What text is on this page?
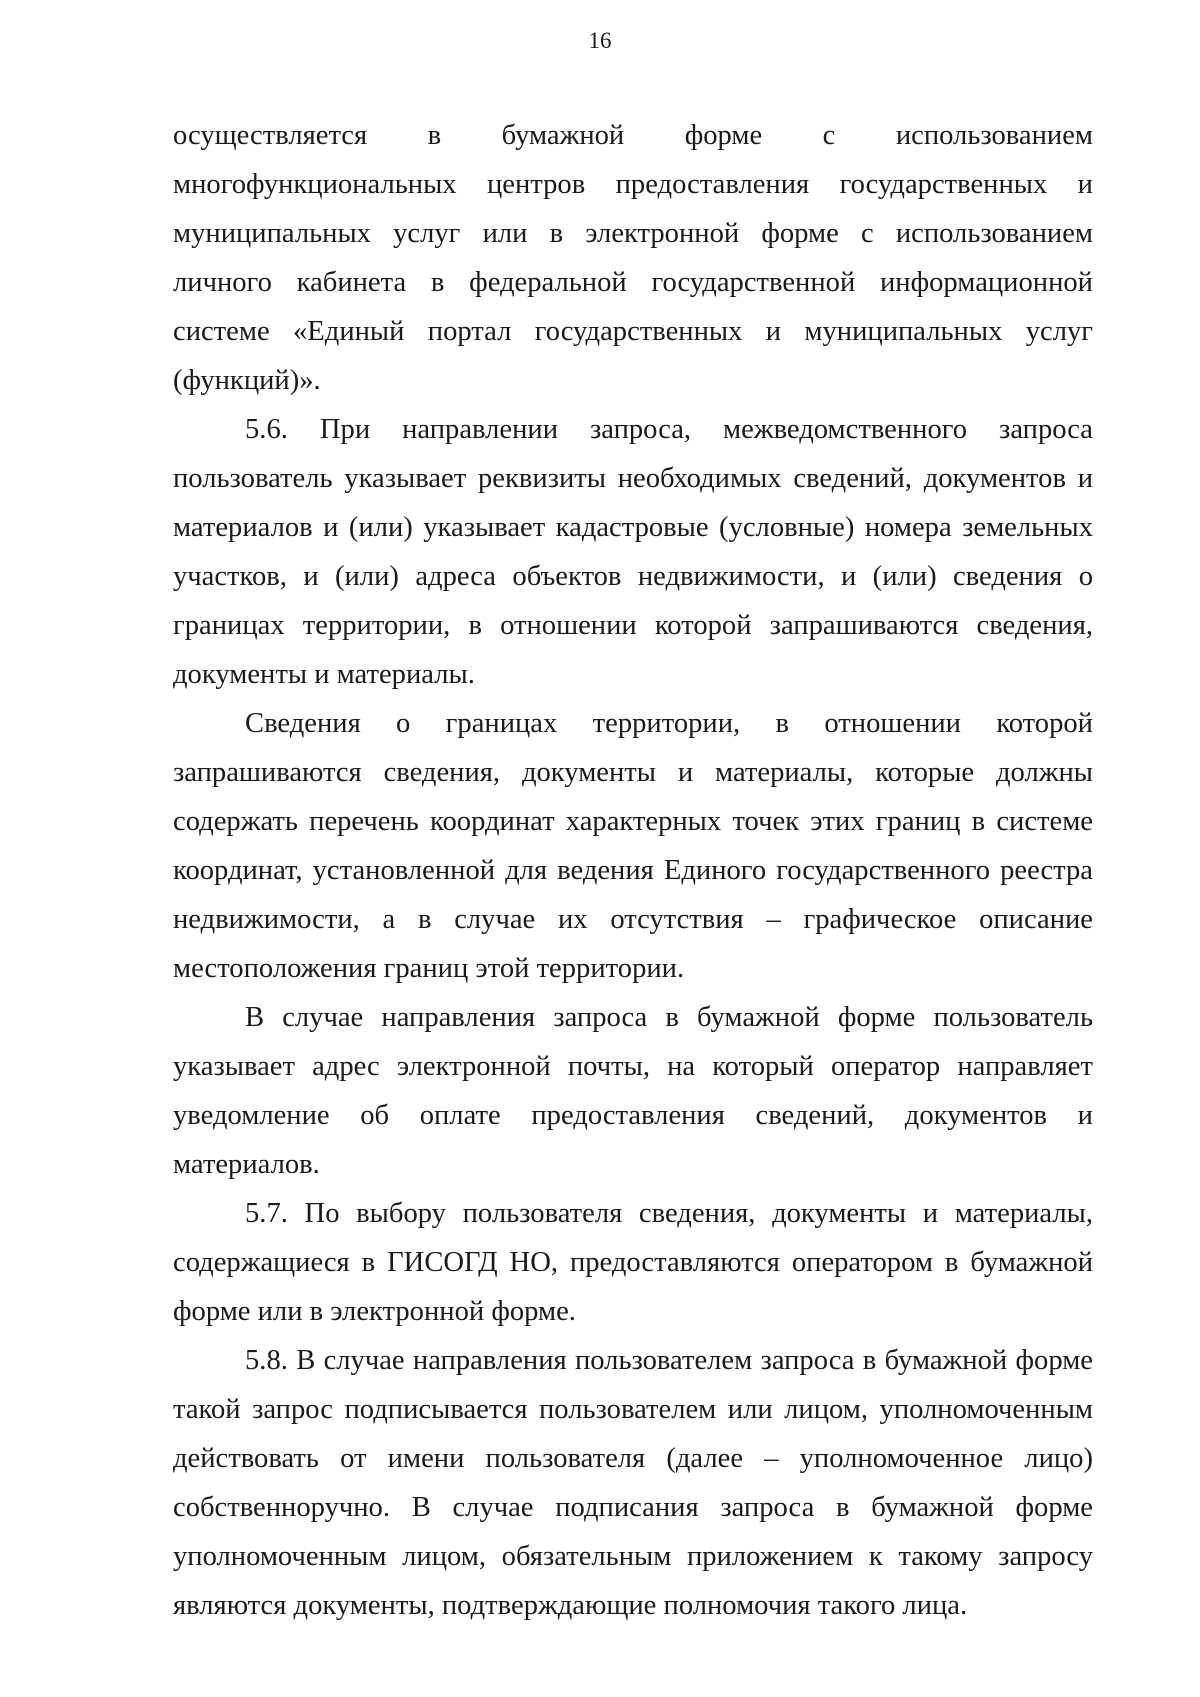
16

осуществляется в бумажной форме с использованием многофункциональных центров предоставления государственных и муниципальных услуг или в электронной форме с использованием личного кабинета в федеральной государственной информационной системе «Единый портал государственных и муниципальных услуг (функций)».

5.6. При направлении запроса, межведомственного запроса пользователь указывает реквизиты необходимых сведений, документов и материалов и (или) указывает кадастровые (условные) номера земельных участков, и (или) адреса объектов недвижимости, и (или) сведения о границах территории, в отношении которой запрашиваются сведения, документы и материалы.

Сведения о границах территории, в отношении которой запрашиваются сведения, документы и материалы, которые должны содержать перечень координат характерных точек этих границ в системе координат, установленной для ведения Единого государственного реестра недвижимости, а в случае их отсутствия – графическое описание местоположения границ этой территории.

В случае направления запроса в бумажной форме пользователь указывает адрес электронной почты, на который оператор направляет уведомление об оплате предоставления сведений, документов и материалов.

5.7. По выбору пользователя сведения, документы и материалы, содержащиеся в ГИСОГД НО, предоставляются оператором в бумажной форме или в электронной форме.

5.8. В случае направления пользователем запроса в бумажной форме такой запрос подписывается пользователем или лицом, уполномоченным действовать от имени пользователя (далее – уполномоченное лицо) собственноручно. В случае подписания запроса в бумажной форме уполномоченным лицом, обязательным приложением к такому запросу являются документы, подтверждающие полномочия такого лица.
